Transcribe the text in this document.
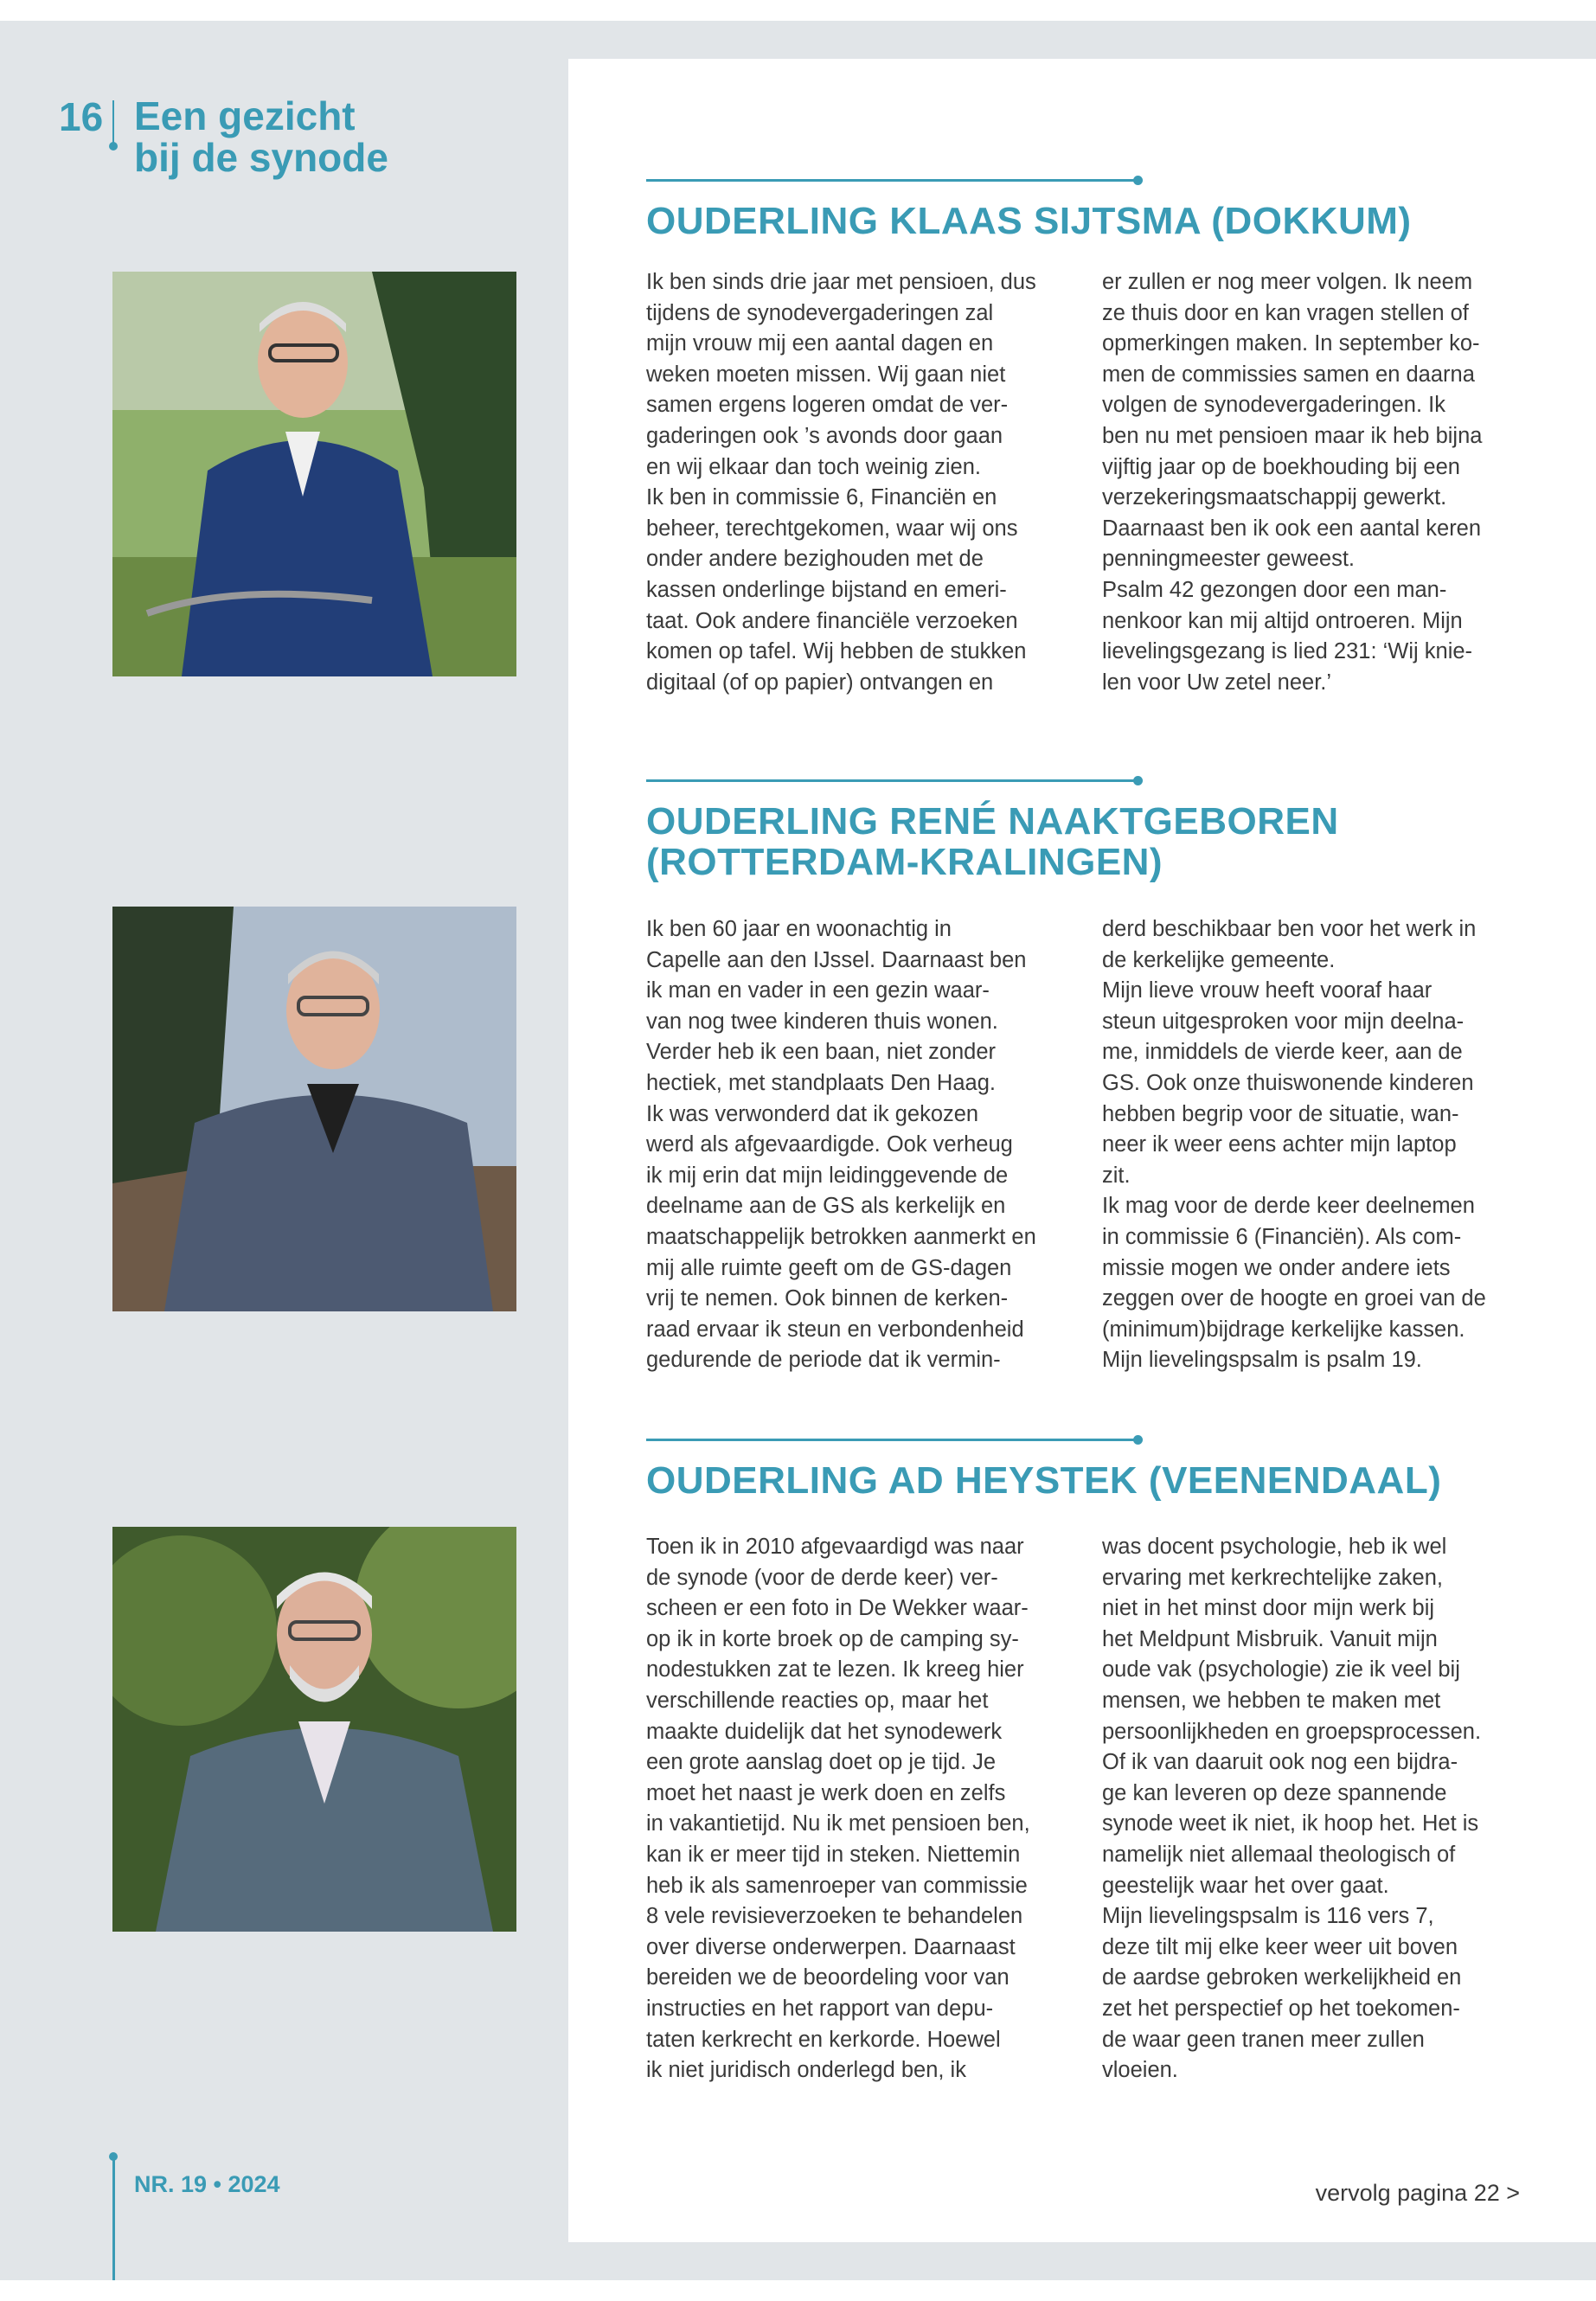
16 Een gezicht
bij de synode
OUDERLING KLAAS SIJTSMA (DOKKUM)
Ik ben sinds drie jaar met pensioen, dus
tijdens de synodevergaderingen zal
mijn vrouw mij een aantal dagen en
weken moeten missen. Wij gaan niet
samen ergens logeren omdat de ver-
gaderingen ook ’s avonds door gaan
en wij elkaar dan toch weinig zien.
Ik ben in commissie 6, Financiën en
beheer, terechtgekomen, waar wij ons
onder andere bezighouden met de
kassen onderlinge bijstand en emeri-
taat. Ook andere financiële verzoeken
komen op tafel. Wij hebben de stukken
digitaal (of op papier) ontvangen en
er zullen er nog meer volgen. Ik neem
ze thuis door en kan vragen stellen of
opmerkingen maken. In september ko-
men de commissies samen en daarna
volgen de synodevergaderingen. Ik
ben nu met pensioen maar ik heb bijna
vijftig jaar op de boekhouding bij een
verzekeringsmaatschappij gewerkt.
Daarnaast ben ik ook een aantal keren
penningmeester geweest.
Psalm 42 gezongen door een man-
nenkoor kan mij altijd ontroeren. Mijn
lievelingsgezang is lied 231: ‘Wij knie-
len voor Uw zetel neer.’
OUDERLING RENÉ NAAKTGEBOREN (ROTTERDAM-KRALINGEN)
Ik ben 60 jaar en woonachtig in
Capelle aan den IJssel. Daarnaast ben
ik man en vader in een gezin waar-
van nog twee kinderen thuis wonen.
Verder heb ik een baan, niet zonder
hectiek, met standplaats Den Haag.
Ik was verwonderd dat ik gekozen
werd als afgevaardigde. Ook verheug
ik mij erin dat mijn leidinggevende de
deelname aan de GS als kerkelijk en
maatschappelijk betrokken aanmerkt en
mij alle ruimte geeft om de GS-dagen
vrij te nemen. Ook binnen de kerken-
raad ervaar ik steun en verbondenheid
gedurende de periode dat ik vermin-
derd beschikbaar ben voor het werk in
de kerkelijke gemeente.
Mijn lieve vrouw heeft vooraf haar
steun uitgesproken voor mijn deelna-
me, inmiddels de vierde keer, aan de
GS. Ook onze thuiswonende kinderen
hebben begrip voor de situatie, wan-
neer ik weer eens achter mijn laptop
zit.
Ik mag voor de derde keer deelnemen
in commissie 6 (Financiën). Als com-
missie mogen we onder andere iets
zeggen over de hoogte en groei van de
(minimum)bijdrage kerkelijke kassen.
Mijn lievelingspsalm is psalm 19.
OUDERLING AD HEYSTEK (VEENENDAAL)
Toen ik in 2010 afgevaardigd was naar
de synode (voor de derde keer) ver-
scheen er een foto in De Wekker waar-
op ik in korte broek op de camping sy-
nodestukken zat te lezen. Ik kreeg hier
verschillende reacties op, maar het
maakte duidelijk dat het synodewerk
een grote aanslag doet op je tijd. Je
moet het naast je werk doen en zelfs
in vakantietijd. Nu ik met pensioen ben,
kan ik er meer tijd in steken. Niettemin
heb ik als samenroeper van commissie
8 vele revisieverzoeken te behandelen
over diverse onderwerpen. Daarnaast
bereiden we de beoordeling voor van
instructies en het rapport van depu-
taten kerkrecht en kerkorde. Hoewel
ik niet juridisch onderlegd ben, ik
was docent psychologie, heb ik wel
ervaring met kerkrechtelijke zaken,
niet in het minst door mijn werk bij
het Meldpunt Misbruik. Vanuit mijn
oude vak (psychologie) zie ik veel bij
mensen, we hebben te maken met
persoonlijkheden en groepsprocessen.
Of ik van daaruit ook nog een bijdra-
ge kan leveren op deze spannende
synode weet ik niet, ik hoop het. Het is
namelijk niet allemaal theologisch of
geestelijk waar het over gaat.
Mijn lievelingspsalm is 116 vers 7,
deze tilt mij elke keer weer uit boven
de aardse gebroken werkelijkheid en
zet het perspectief op het toekomen-
de waar geen tranen meer zullen
vloeien.
NR. 19 • 2024	vervolg pagina 22 >
